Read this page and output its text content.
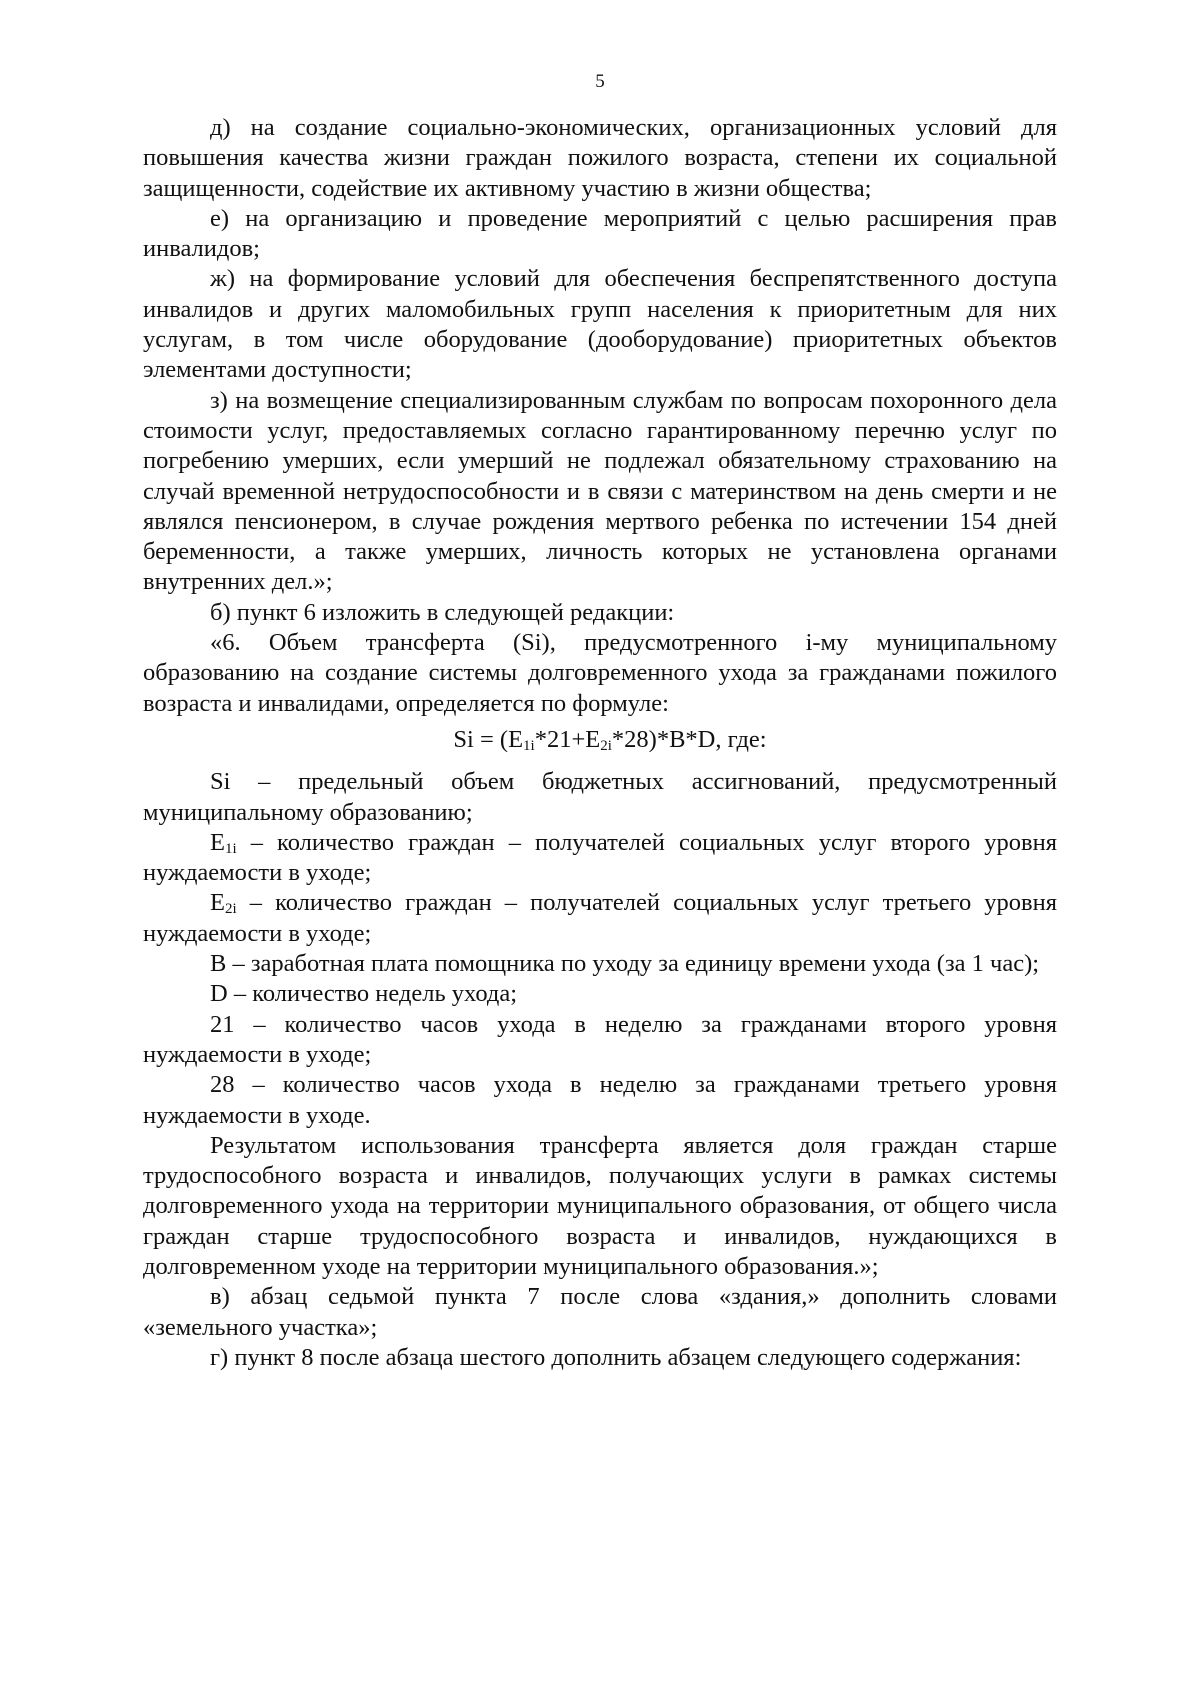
5

д) на создание социально-экономических, организационных условий для повышения качества жизни граждан пожилого возраста, степени их социальной защищенности, содействие их активному участию в жизни общества;

е) на организацию и проведение мероприятий с целью расширения прав инвалидов;

ж) на формирование условий для обеспечения беспрепятственного доступа инвалидов и других маломобильных групп населения к приоритетным для них услугам, в том числе оборудование (дооборудование) приоритетных объектов элементами доступности;

з) на возмещение специализированным службам по вопросам похоронного дела стоимости услуг, предоставляемых согласно гарантированному перечню услуг по погребению умерших, если умерший не подлежал обязательному страхованию на случай временной нетрудоспособности и в связи с материнством на день смерти и не являлся пенсионером, в случае рождения мертвого ребенка по истечении 154 дней беременности, а также умерших, личность которых не установлена органами внутренних дел.»;

б) пункт 6 изложить в следующей редакции:

«6. Объем трансферта (Si), предусмотренного i-му муниципальному образованию на создание системы долговременного ухода за гражданами пожилого возраста и инвалидами, определяется по формуле:

$Si = (E_{1i}*21+E_{2i}*28)*B*D$, где:

Si – предельный объем бюджетных ассигнований, предусмотренный муниципальному образованию;

$E_{1i}$ – количество граждан – получателей социальных услуг второго уровня нуждаемости в уходе;

$E_{2i}$ – количество граждан – получателей социальных услуг третьего уровня нуждаемости в уходе;

B – заработная плата помощника по уходу за единицу времени ухода (за 1 час);

D – количество недель ухода;

21 – количество часов ухода в неделю за гражданами второго уровня нуждаемости в уходе;

28 – количество часов ухода в неделю за гражданами третьего уровня нуждаемости в уходе.

Результатом использования трансферта является доля граждан старше трудоспособного возраста и инвалидов, получающих услуги в рамках системы долговременного ухода на территории муниципального образования, от общего числа граждан старше трудоспособного возраста и инвалидов, нуждающихся в долговременном уходе на территории муниципального образования.»;

в) абзац седьмой пункта 7 после слова «здания,» дополнить словами «земельного участка»;

г) пункт 8 после абзаца шестого дополнить абзацем следующего содержания:
